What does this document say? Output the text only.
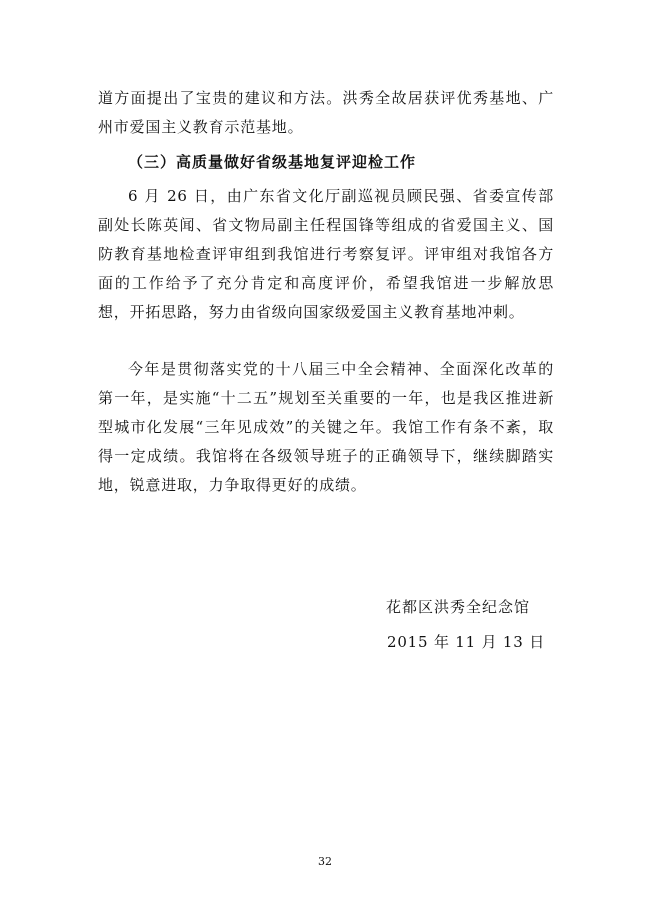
道方面提出了宝贵的建议和方法。洪秀全故居获评优秀基地、广州市爱国主义教育示范基地。

（三）高质量做好省级基地复评迎检工作

6 月 26 日，由广东省文化厅副巡视员顾民强、省委宣传部副处长陈英闻、省文物局副主任程国锋等组成的省爱国主义、国防教育基地检查评审组到我馆进行考察复评。评审组对我馆各方面的工作给予了充分肯定和高度评价，希望我馆进一步解放思想，开拓思路，努力由省级向国家级爱国主义教育基地冲刺。

今年是贯彻落实党的十八届三中全会精神、全面深化改革的第一年，是实施“十二五”规划至关重要的一年，也是我区推进新型城市化发展“三年见成效”的关键之年。我馆工作有条不紊，取得一定成绩。我馆将在各级领导班子的正确领导下，继续脚踏实地，锐意进取，力争取得更好的成绩。

花都区洪秀全纪念馆
2015 年 11 月 13 日
32
